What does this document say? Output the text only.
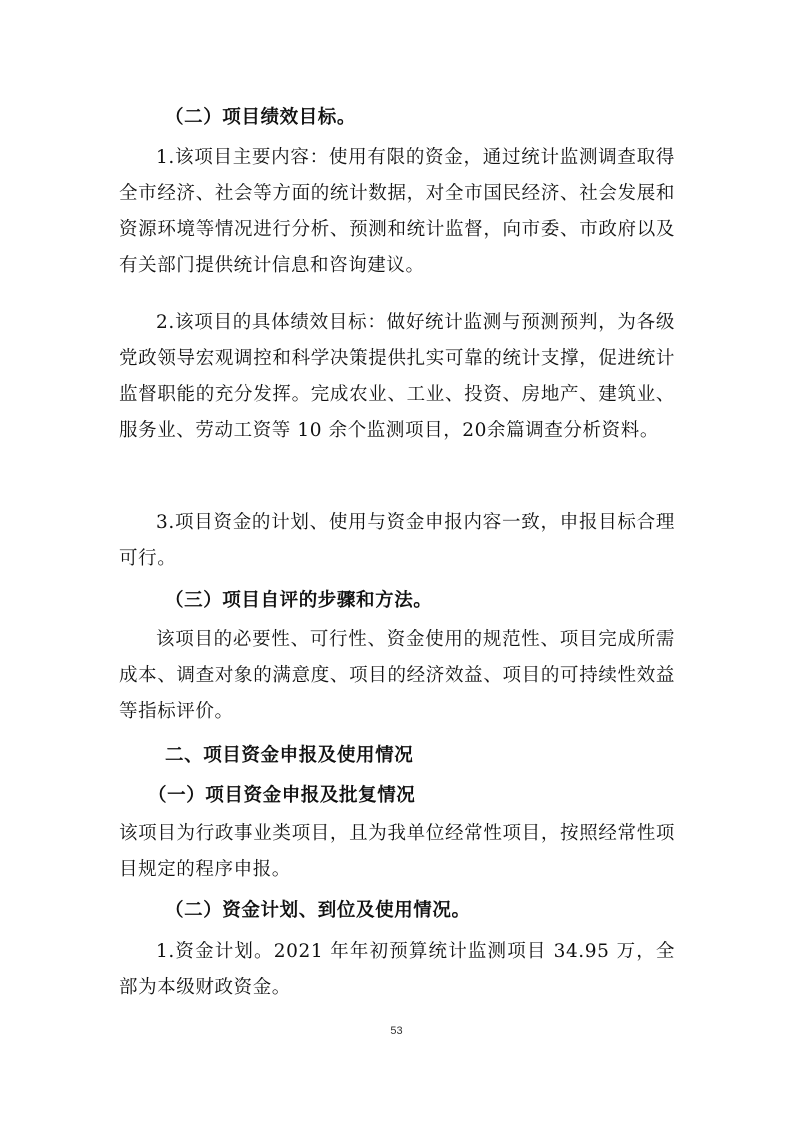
（二）项目绩效目标。
1.该项目主要内容：使用有限的资金，通过统计监测调查取得全市经济、社会等方面的统计数据，对全市国民经济、社会发展和资源环境等情况进行分析、预测和统计监督，向市委、市政府以及有关部门提供统计信息和咨询建议。
2.该项目的具体绩效目标：做好统计监测与预测预判，为各级党政领导宏观调控和科学决策提供扎实可靠的统计支撑，促进统计监督职能的充分发挥。完成农业、工业、投资、房地产、建筑业、服务业、劳动工资等 10 余个监测项目，20余篇调查分析资料。
3.项目资金的计划、使用与资金申报内容一致，申报目标合理可行。
（三）项目自评的步骤和方法。
该项目的必要性、可行性、资金使用的规范性、项目完成所需成本、调查对象的满意度、项目的经济效益、项目的可持续性效益等指标评价。
二、项目资金申报及使用情况
（一）项目资金申报及批复情况
该项目为行政事业类项目，且为我单位经常性项目，按照经常性项目规定的程序申报。
（二）资金计划、到位及使用情况。
1.资金计划。2021 年年初预算统计监测项目 34.95 万，全部为本级财政资金。
53
